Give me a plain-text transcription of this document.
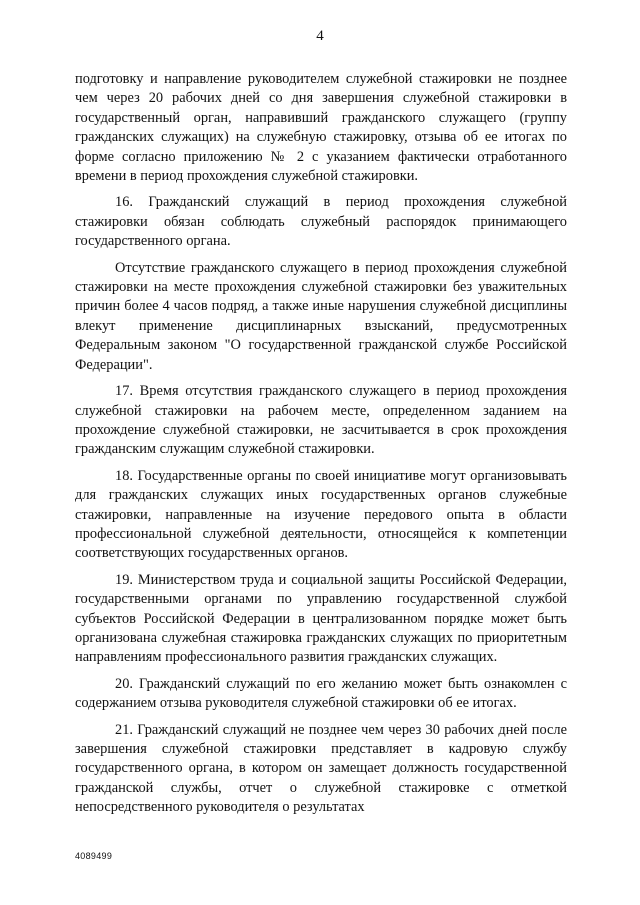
4

подготовку и направление руководителем служебной стажировки не позднее чем через 20 рабочих дней со дня завершения служебной стажировки в государственный орган, направивший гражданского служащего (группу гражданских служащих) на служебную стажировку, отзыва об ее итогах по форме согласно приложению № 2 с указанием фактически отработанного времени в период прохождения служебной стажировки.

16. Гражданский служащий в период прохождения служебной стажировки обязан соблюдать служебный распорядок принимающего государственного органа.

Отсутствие гражданского служащего в период прохождения служебной стажировки на месте прохождения служебной стажировки без уважительных причин более 4 часов подряд, а также иные нарушения служебной дисциплины влекут применение дисциплинарных взысканий, предусмотренных Федеральным законом "О государственной гражданской службе Российской Федерации".

17. Время отсутствия гражданского служащего в период прохождения служебной стажировки на рабочем месте, определенном заданием на прохождение служебной стажировки, не засчитывается в срок прохождения гражданским служащим служебной стажировки.

18. Государственные органы по своей инициативе могут организовывать для гражданских служащих иных государственных органов служебные стажировки, направленные на изучение передового опыта в области профессиональной служебной деятельности, относящейся к компетенции соответствующих государственных органов.

19. Министерством труда и социальной защиты Российской Федерации, государственными органами по управлению государственной службой субъектов Российской Федерации в централизованном порядке может быть организована служебная стажировка гражданских служащих по приоритетным направлениям профессионального развития гражданских служащих.

20. Гражданский служащий по его желанию может быть ознакомлен с содержанием отзыва руководителя служебной стажировки об ее итогах.

21. Гражданский служащий не позднее чем через 30 рабочих дней после завершения служебной стажировки представляет в кадровую службу государственного органа, в котором он замещает должность государственной гражданской службы, отчет о служебной стажировке с отметкой непосредственного руководителя о результатах

4089499
